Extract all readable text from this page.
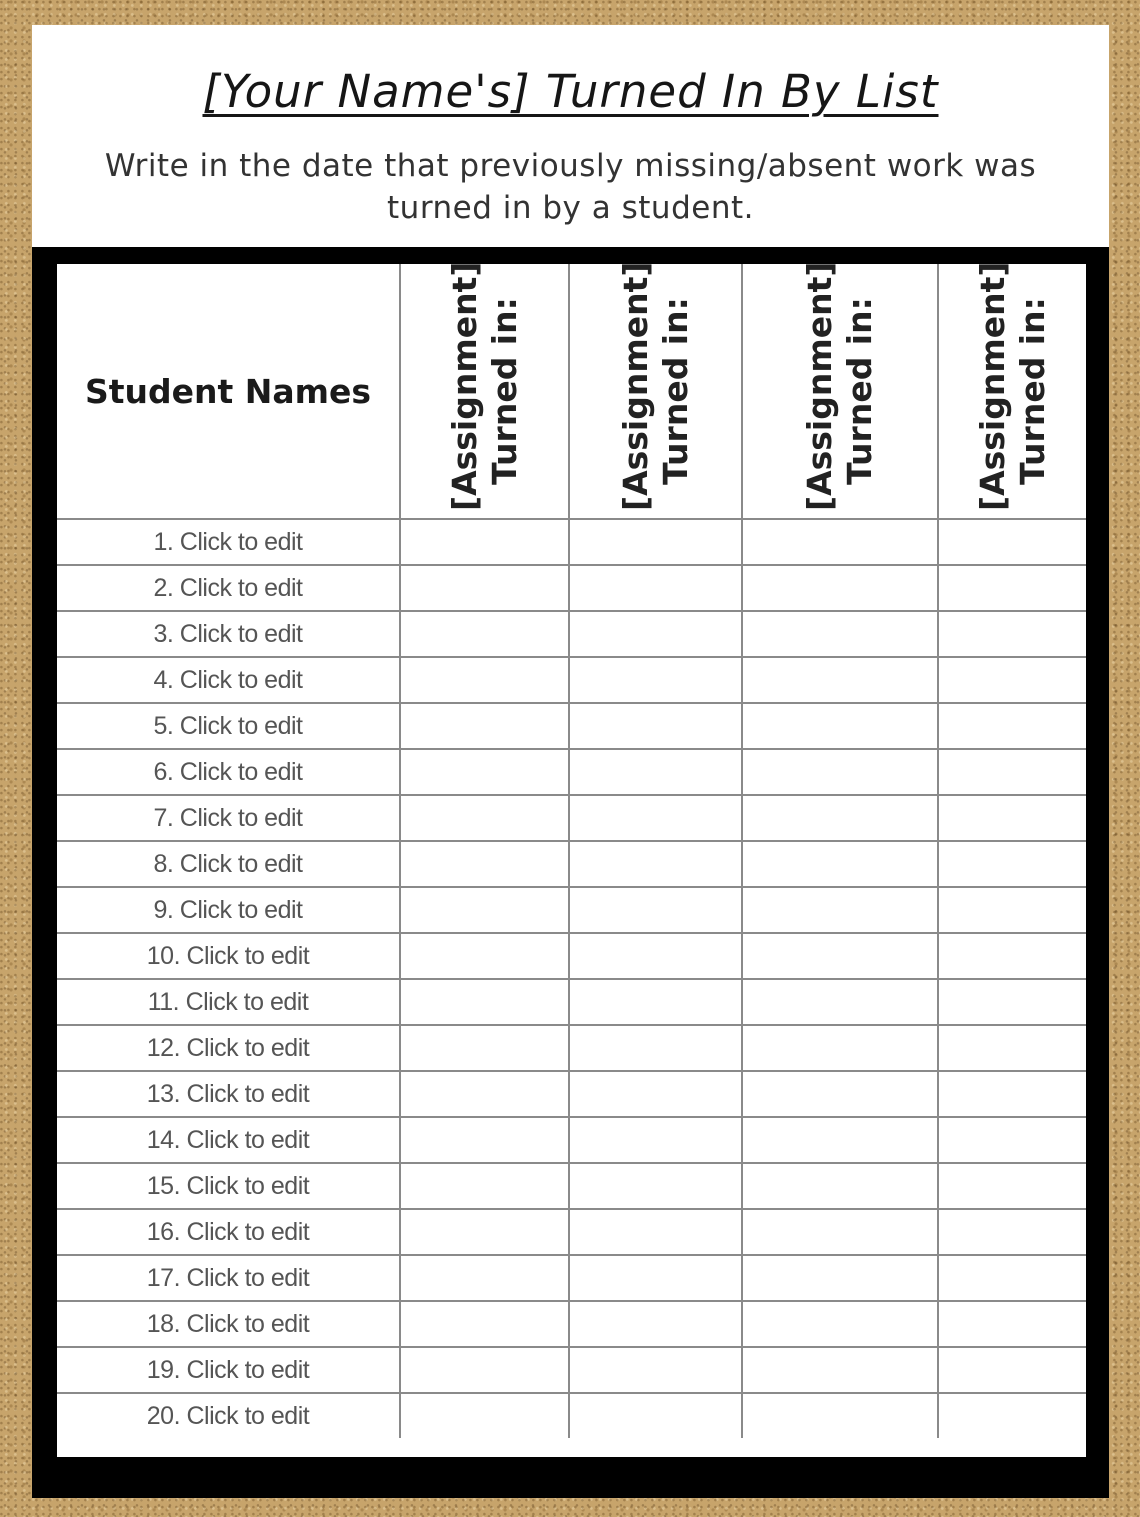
[Your Name's] Turned In By List
Write in the date that previously missing/absent work was turned in by a student.
Student Names	[Assignment] Turned in:	[Assignment] Turned in:	[Assignment] Turned in:	[Assignment] Turned in:

1. Click to edit				
2. Click to edit				
3. Click to edit				
4. Click to edit				
5. Click to edit				
6. Click to edit				
7. Click to edit				
8. Click to edit				
9. Click to edit				
10. Click to edit				
11. Click to edit				
12. Click to edit				
13. Click to edit				
14. Click to edit				
15. Click to edit				
16. Click to edit				
17. Click to edit				
18. Click to edit				
19. Click to edit				
20. Click to edit				
